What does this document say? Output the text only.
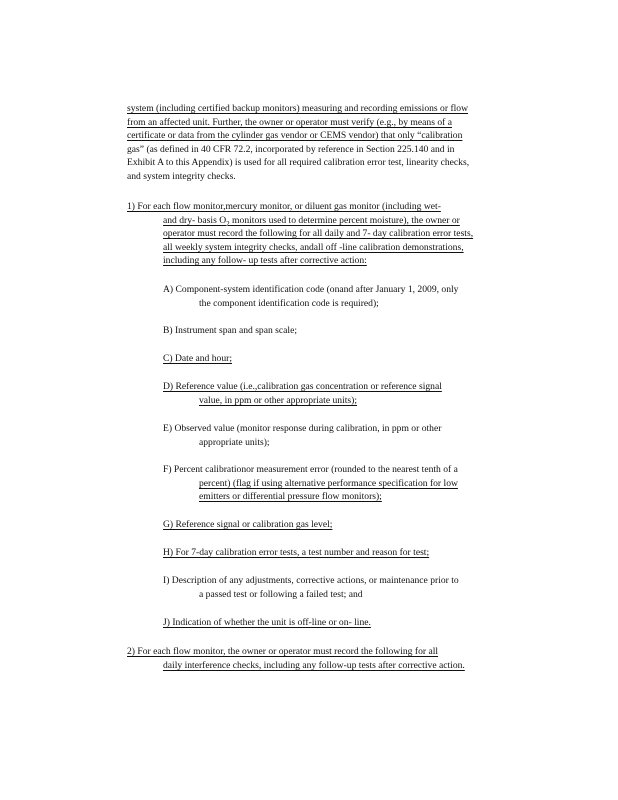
system (including certified backup monitors) measuring and recording emissions or flow
from an affected unit. Further, the owner or operator must verify (e.g., by means of a
certificate or data from the cylinder gas vendor or CEMS vendor) that only “calibration
gas” (as defined in 40 CFR 72.2, incorporated by reference in Section 225.140 and in
Exhibit A to this Appendix) is used for all required calibration error test, linearity checks,
and system integrity checks.
1) For each flow monitor,mercury monitor, or diluent gas monitor (including wet-
and dry- basis $O_2$ monitors used to determine percent moisture), the owner or
operator must record the following for all daily and 7- day calibration error tests,
all weekly system integrity checks, andall off -line calibration demonstrations,
including any follow- up tests after corrective action:
A) Component-system identification code (onand after January 1, 2009, only
the component identification code is required);
B) Instrument span and span scale;
C) Date and hour;
D) Reference value (i.e.,calibration gas concentration or reference signal
value, in ppm or other appropriate units);
E) Observed value (monitor response during calibration, in ppm or other
appropriate units);
F) Percent calibrationor measurement error (rounded to the nearest tenth of a
percent) (flag if using alternative performance specification for low
emitters or differential pressure flow monitors);
G) Reference signal or calibration gas level;
H) For 7-day calibration error tests, a test number and reason for test;
I) Description of any adjustments, corrective actions, or maintenance prior to
a passed test or following a failed test; and
J) Indication of whether the unit is off-line or on- line.
2) For each flow monitor, the owner or operator must record the following for all
daily interference checks, including any follow-up tests after corrective action.
